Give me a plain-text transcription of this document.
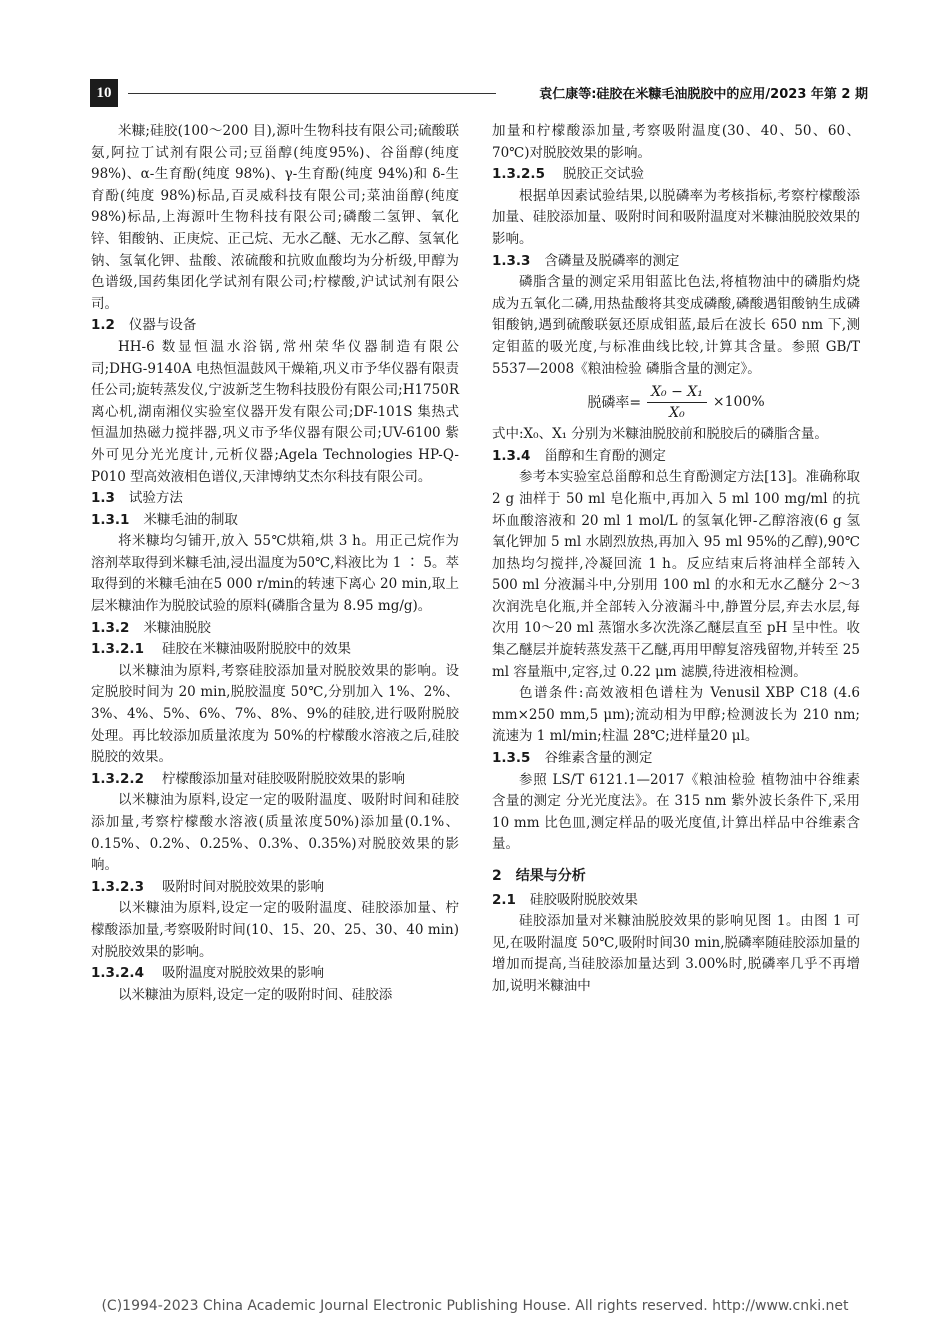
10	袁仁康等:硅胶在米糠毛油脱胶中的应用/2023 年第 2 期

米糠;硅胶(100～200 目),源叶生物科技有限公司;硫酸联氨,阿拉丁试剂有限公司;豆甾醇(纯度95%)、谷甾醇(纯度 98%)、α-生育酚(纯度 98%)、γ-生育酚(纯度 94%)和 δ-生育酚(纯度 98%)标品,百灵威科技有限公司;菜油甾醇(纯度 98%)标品,上海源叶生物科技有限公司;磷酸二氢钾、氧化锌、钼酸钠、正庚烷、正己烷、无水乙醚、无水乙醇、氢氧化钠、氢氧化钾、盐酸、浓硫酸和抗败血酸均为分析级,甲醇为色谱级,国药集团化学试剂有限公司;柠檬酸,沪试试剂有限公司。

1.2 仪器与设备

HH-6 数显恒温水浴锅,常州荣华仪器制造有限公司;DHG-9140A 电热恒温鼓风干燥箱,巩义市予华仪器有限责任公司;旋转蒸发仪,宁波新芝生物科技股份有限公司;H1750R 离心机,湖南湘仪实验室仪器开发有限公司;DF-101S 集热式恒温加热磁力搅拌器,巩义市予华仪器有限公司;UV-6100 紫外可见分光光度计,元析仪器;Agela Technologies HP-Q-P010 型高效液相色谱仪,天津博纳艾杰尔科技有限公司。

1.3 试验方法
1.3.1 米糠毛油的制取

将米糠均匀铺开,放入 55℃烘箱,烘 3 h。用正己烷作为溶剂萃取得到米糠毛油,浸出温度为50℃,料液比为 1 ∶ 5。萃取得到的米糠毛油在5 000 r/min的转速下离心 20 min,取上层米糠油作为脱胶试验的原料(磷脂含量为 8.95 mg/g)。

1.3.2 米糠油脱胶
1.3.2.1 硅胶在米糠油吸附脱胶中的效果

以米糠油为原料,考察硅胶添加量对脱胶效果的影响。设定脱胶时间为 20 min,脱胶温度 50℃,分别加入 1%、2%、3%、4%、5%、6%、7%、8%、9%的硅胶,进行吸附脱胶处理。再比较添加质量浓度为 50%的柠檬酸水溶液之后,硅胶脱胶的效果。

1.3.2.2 柠檬酸添加量对硅胶吸附脱胶效果的影响

以米糠油为原料,设定一定的吸附温度、吸附时间和硅胶添加量,考察柠檬酸水溶液(质量浓度50%)添加量(0.1%、0.15%、0.2%、0.25%、0.3%、0.35%)对脱胶效果的影响。

1.3.2.3 吸附时间对脱胶效果的影响

以米糠油为原料,设定一定的吸附温度、硅胶添加量、柠檬酸添加量,考察吸附时间(10、15、20、25、30、40 min)对脱胶效果的影响。

1.3.2.4 吸附温度对脱胶效果的影响

以米糠油为原料,设定一定的吸附时间、硅胶添

加量和柠檬酸添加量,考察吸附温度(30、40、50、60、70℃)对脱胶效果的影响。

1.3.2.5 脱胶正交试验

根据单因素试验结果,以脱磷率为考核指标,考察柠檬酸添加量、硅胶添加量、吸附时间和吸附温度对米糠油脱胶效果的影响。

1.3.3 含磷量及脱磷率的测定

磷脂含量的测定采用钼蓝比色法,将植物油中的磷脂灼烧成为五氧化二磷,用热盐酸将其变成磷酸,磷酸遇钼酸钠生成磷钼酸钠,遇到硫酸联氨还原成钼蓝,最后在波长 650 nm 下,测定钼蓝的吸光度,与标准曲线比较,计算其含量。参照 GB/T 5537—2008《粮油检验 磷脂含量的测定》。

脱磷率= $\frac{\text{X₀ − X₁}}{\text{X₀}} \times 100\%$

式中:X₀、X₁ 分别为米糠油脱胶前和脱胶后的磷脂含量。

1.3.4 甾醇和生育酚的测定

参考本实验室总甾醇和总生育酚测定方法[13]。准确称取 2 g 油样于 50 ml 皂化瓶中,再加入 5 ml 100 mg/ml 的抗坏血酸溶液和 20 ml 1 mol/L 的氢氧化钾-乙醇溶液(6 g 氢氧化钾加 5 ml 水剧烈放热,再加入 95 ml 95%的乙醇),90℃加热均匀搅拌,冷凝回流 1 h。反应结束后将油样全部转入 500 ml 分液漏斗中,分别用 100 ml 的水和无水乙醚分 2～3 次润洗皂化瓶,并全部转入分液漏斗中,静置分层,弃去水层,每次用 10～20 ml 蒸馏水多次洗涤乙醚层直至 pH 呈中性。收集乙醚层并旋转蒸发蒸干乙醚,再用甲醇复溶残留物,并转至 25 ml 容量瓶中,定容,过 0.22 μm 滤膜,待进液相检测。

色谱条件:高效液相色谱柱为 Venusil XBP C18 (4.6 mm×250 mm,5 μm);流动相为甲醇;检测波长为 210 nm;流速为 1 ml/min;柱温 28℃;进样量20 μl。

1.3.5 谷维素含量的测定

参照 LS/T 6121.1—2017《粮油检验 植物油中谷维素含量的测定 分光光度法》。在 315 nm 紫外波长条件下,采用 10 mm 比色皿,测定样品的吸光度值,计算出样品中谷维素含量。

2 结果与分析
2.1 硅胶吸附脱胶效果

硅胶添加量对米糠油脱胶效果的影响见图 1。由图 1 可见,在吸附温度 50℃,吸附时间30 min,脱磷率随硅胶添加量的增加而提高,当硅胶添加量达到 3.00%时,脱磷率几乎不再增加,说明米糠油中

(C)1994-2023 China Academic Journal Electronic Publishing House. All rights reserved. http://www.cnki.net
